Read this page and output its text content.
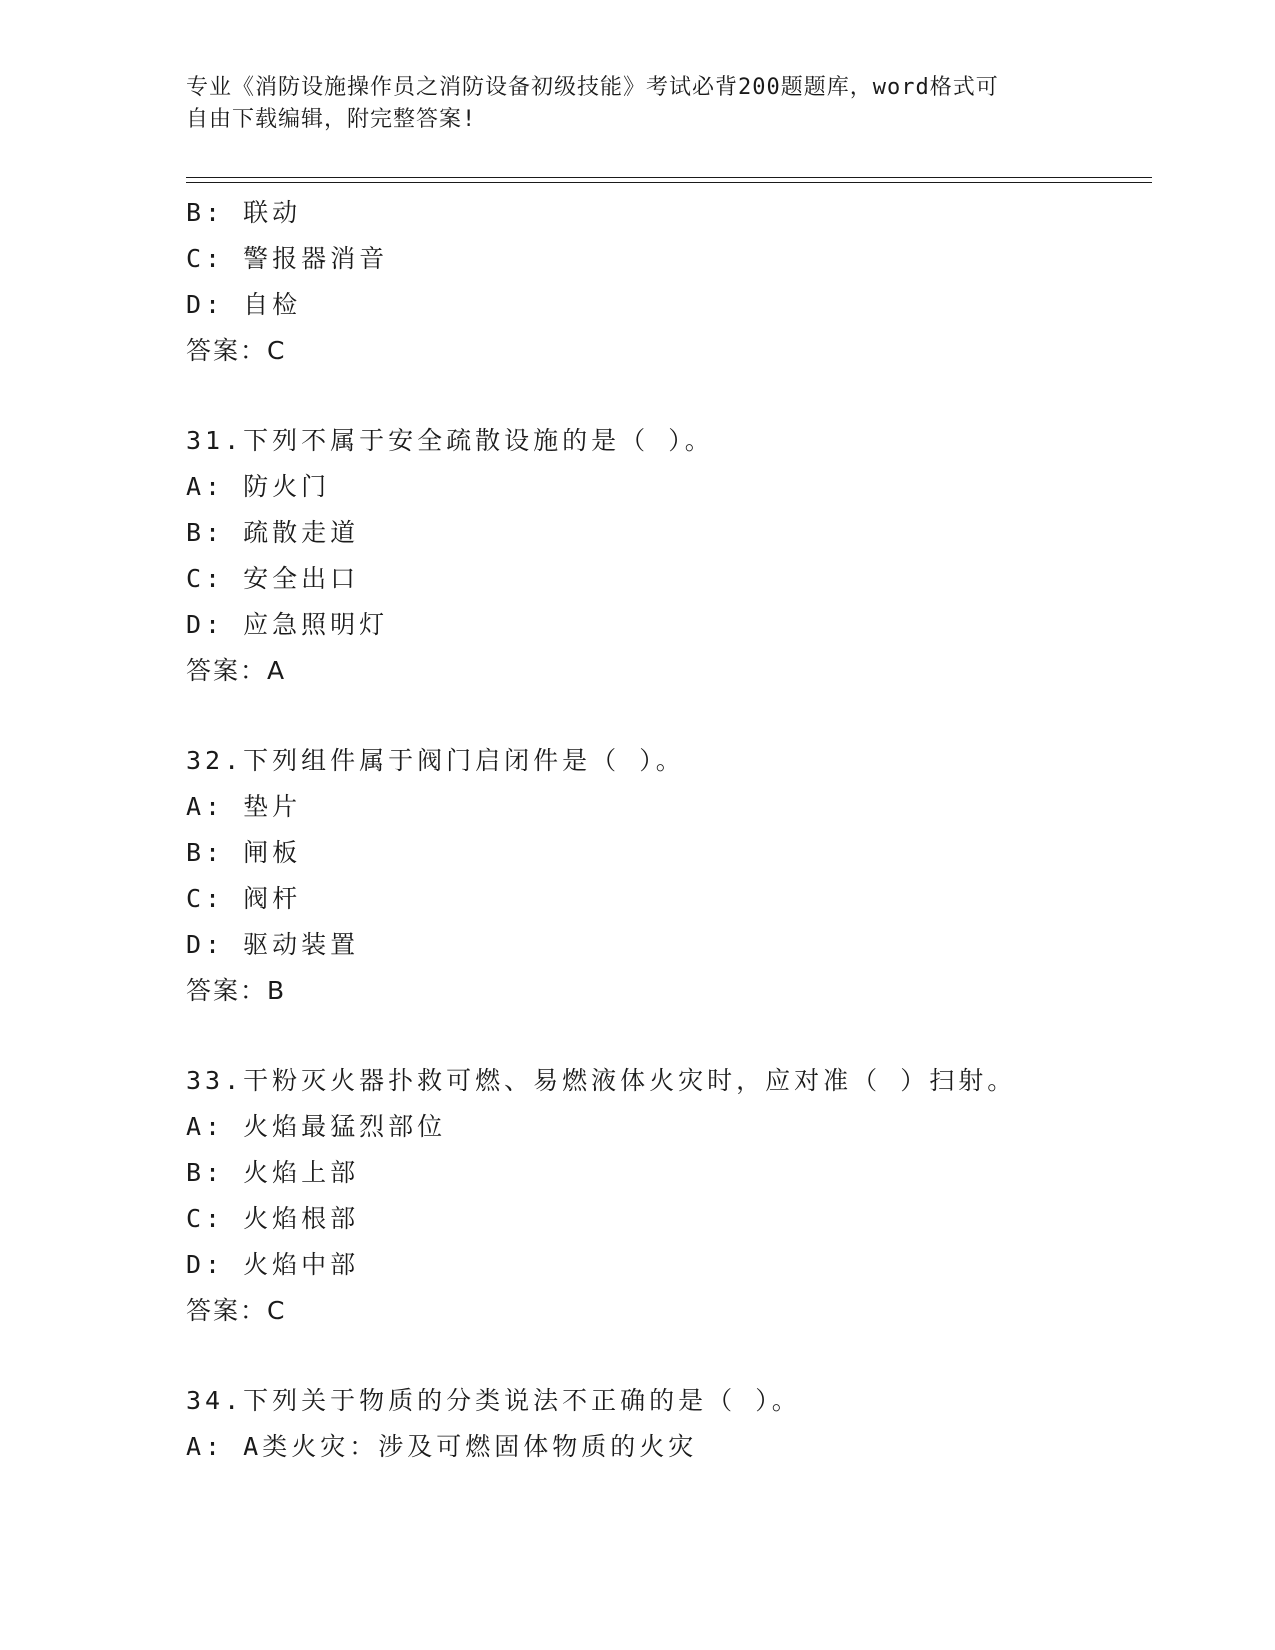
专业《消防设施操作员之消防设备初级技能》考试必背200题题库，word格式可
自由下载编辑，附完整答案!
B: 联动
C: 警报器消音
D: 自检
答案：C
31.下列不属于安全疏散设施的是（ ）。
A: 防火门
B: 疏散走道
C: 安全出口
D: 应急照明灯
答案：A
32.下列组件属于阀门启闭件是（ ）。
A: 垫片
B: 闸板
C: 阀杆
D: 驱动装置
答案：B
33.干粉灭火器扑救可燃、易燃液体火灾时，应对准（ ）扫射。
A: 火焰最猛烈部位
B: 火焰上部
C: 火焰根部
D: 火焰中部
答案：C
34.下列关于物质的分类说法不正确的是（ ）。
A: A类火灾：涉及可燃固体物质的火灾
